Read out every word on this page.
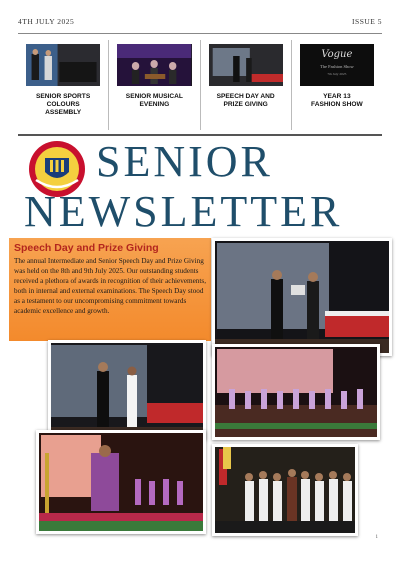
4TH JULY 2025	ISSUE 5
SENIOR SPORTS
COLOURS
ASSEMBLY
SENIOR MUSICAL
EVENING
SPEECH DAY AND
PRIZE GIVING
Vogue
The Fashion Show
7th July 2025
YEAR 13
FASHION SHOW
SENIOR
NEWSLETTER
Speech Day and Prize Giving

The annual Intermediate and Senior Speech Day and Prize Giving was held on the 8th and 9th July 2025. Our outstanding students received a plethora of awards in recognition of their achievements, both in internal and external examinations. The Speech Day stood as a testament to our uncompromising commitment towards academic excellence and growth.

1
